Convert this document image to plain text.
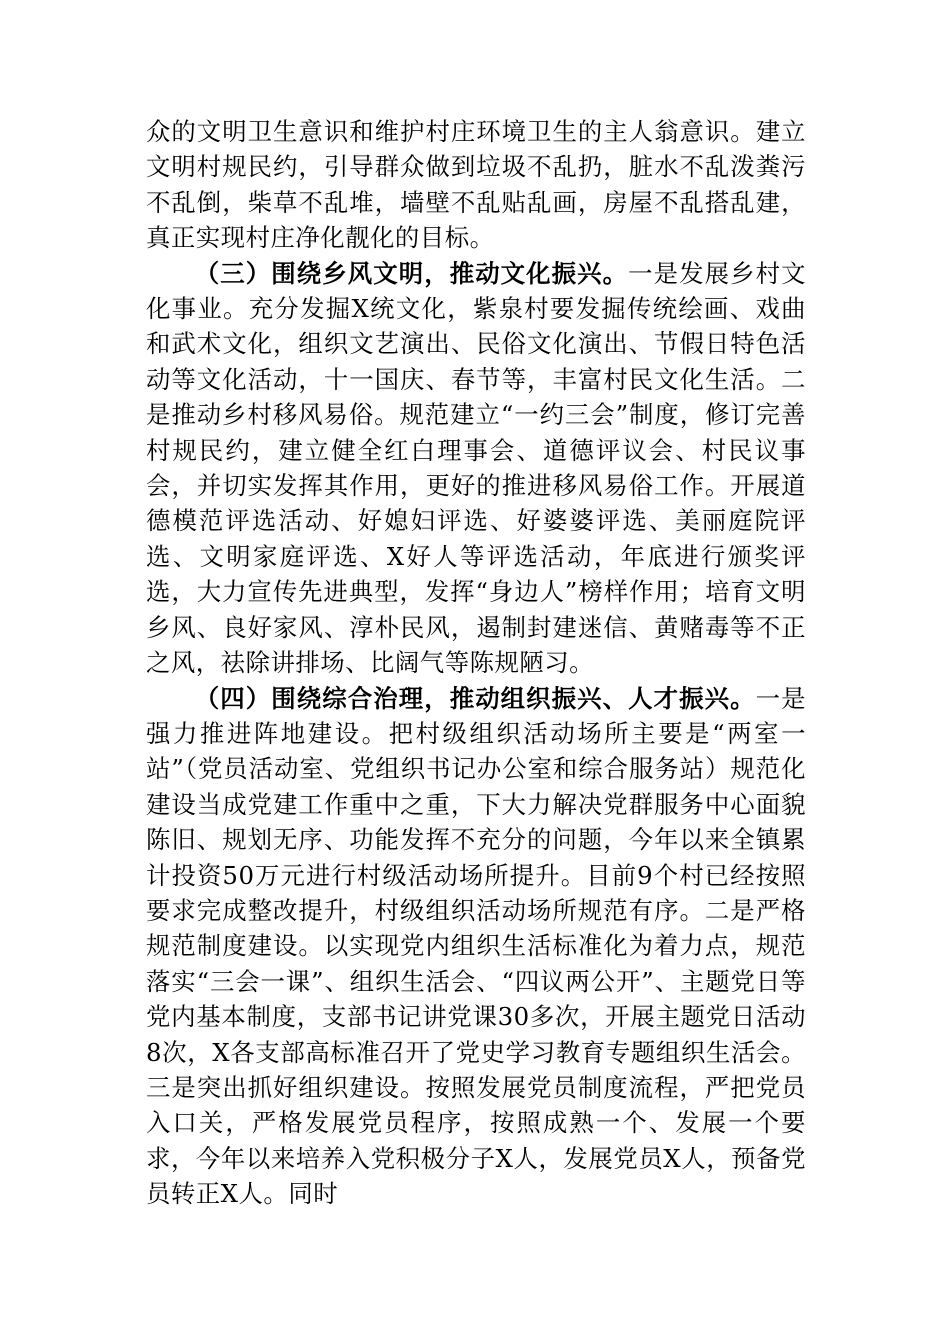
众的文明卫生意识和维护村庄环境卫生的主人翁意识。建立文明村规民约，引导群众做到垃圾不乱扔，脏水不乱泼粪污不乱倒，柴草不乱堆，墙壁不乱贴乱画，房屋不乱搭乱建，真正实现村庄净化靓化的目标。

（三）围绕乡风文明，推动文化振兴。一是发展乡村文化事业。充分发掘X统文化，紫泉村要发掘传统绘画、戏曲和武术文化，组织文艺演出、民俗文化演出、节假日特色活动等文化活动，十一国庆、春节等，丰富村民文化生活。二是推动乡村移风易俗。规范建立“一约三会”制度，修订完善村规民约，建立健全红白理事会、道德评议会、村民议事会，并切实发挥其作用，更好的推进移风易俗工作。开展道德模范评选活动、好媳妇评选、好婆婆评选、美丽庭院评选、文明家庭评选、X好人等评选活动，年底进行颁奖评选，大力宣传先进典型，发挥“身边人”榜样作用；培育文明乡风、良好家风、淳朴民风，遏制封建迷信、黄赌毒等不正之风，祛除讲排场、比阔气等陈规陋习。

（四）围绕综合治理，推动组织振兴、人才振兴。一是强力推进阵地建设。把村级组织活动场所主要是“两室一站”（党员活动室、党组织书记办公室和综合服务站）规范化建设当成党建工作重中之重，下大力解决党群服务中心面貌陈旧、规划无序、功能发挥不充分的问题，今年以来全镇累计投资50万元进行村级活动场所提升。目前9个村已经按照要求完成整改提升，村级组织活动场所规范有序。二是严格规范制度建设。以实现党内组织生活标准化为着力点，规范落实“三会一课”、组织生活会、“四议两公开”、主题党日等党内基本制度，支部书记讲党课30多次，开展主题党日活动8次，X各支部高标准召开了党史学习教育专题组织生活会。三是突出抓好组织建设。按照发展党员制度流程，严把党员入口关，严格发展党员程序，按照成熟一个、发展一个要求，今年以来培养入党积极分子X人，发展党员X人，预备党员转正X人。同时
